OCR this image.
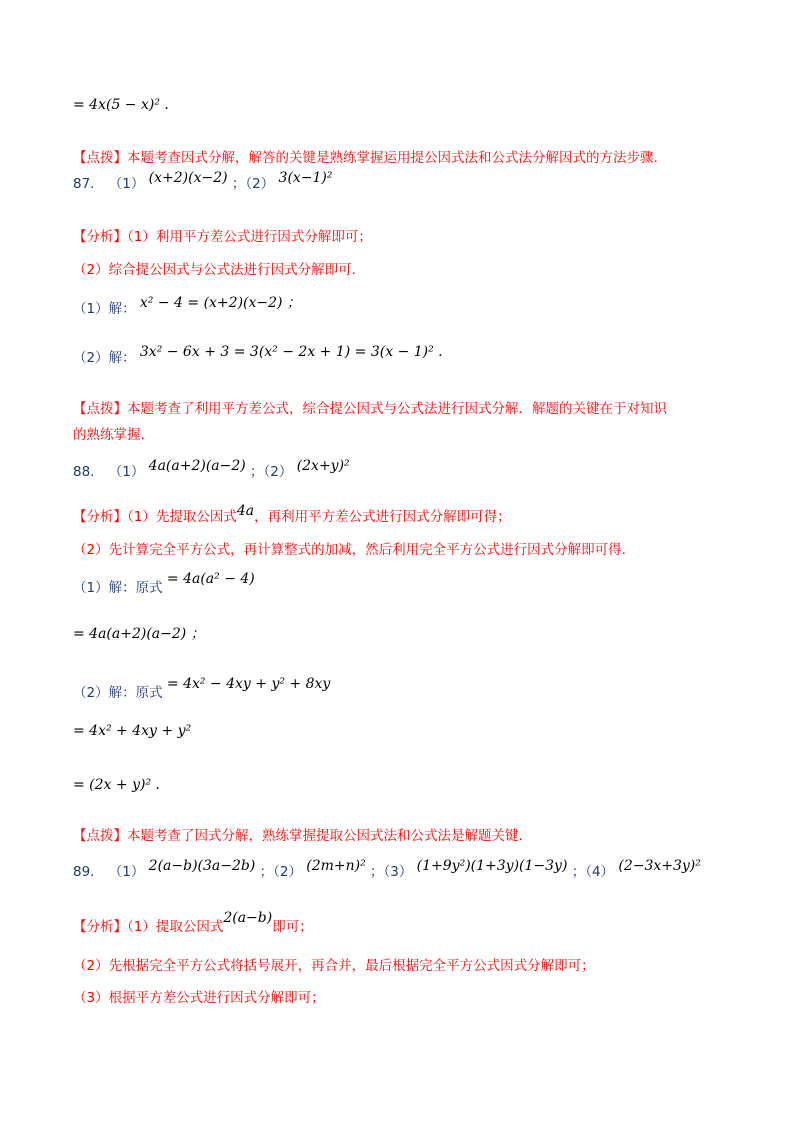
= 4x(5 − x)² .
【点拨】本题考查因式分解，解答的关键是熟练掌握运用提公因式法和公式法分解因式的方法步骤.
87. （1） (x+2)(x−2) ；（2） 3(x−1)²
【分析】（1）利用平方差公式进行因式分解即可；
（2）综合提公因式与公式法进行因式分解即可.
（1）解： x² − 4 = (x+2)(x−2) ；
（2）解： 3x² − 6x + 3 = 3(x² − 2x + 1) = 3(x − 1)² .
【点拨】本题考查了利用平方差公式，综合提公因式与公式法进行因式分解．解题的关键在于对知识
的熟练掌握.
88. （1） 4a(a+2)(a−2) ；（2） (2x+y)²
【分析】（1）先提取公因式4a，再利用平方差公式进行因式分解即可得；
（2）先计算完全平方公式，再计算整式的加减，然后利用完全平方公式进行因式分解即可得.
（1）解：原式 = 4a(a² − 4)
= 4a(a+2)(a−2) ；
（2）解：原式 = 4x² − 4xy + y² + 8xy
= 4x² + 4xy + y²
= (2x + y)² .
【点拨】本题考查了因式分解，熟练掌握提取公因式法和公式法是解题关键.
89. （1） 2(a−b)(3a−2b) ；（2） (2m+n)² ；（3） (1+9y²)(1+3y)(1−3y) ；（4） (2−3x+3y)²
【分析】（1）提取公因式2(a−b)即可；
（2）先根据完全平方公式将括号展开，再合并，最后根据完全平方公式因式分解即可；
（3）根据平方差公式进行因式分解即可；
